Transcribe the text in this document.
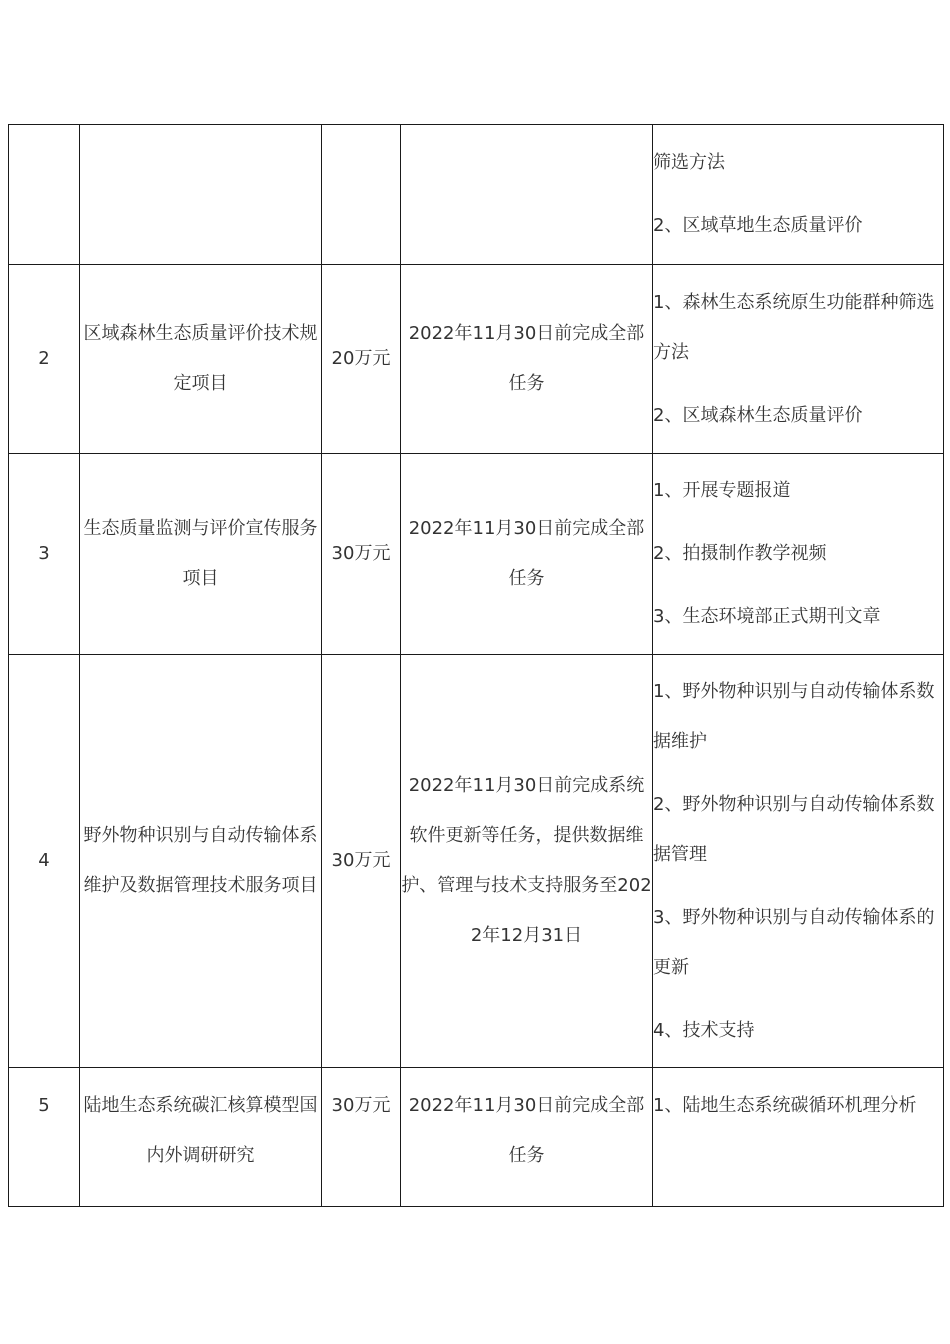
				筛选方法
2、区域草地生态质量评价

2	区域森林生态质量评价技术规定项目	20万元	2022年11月30日前完成全部任务	1、森林生态系统原生功能群种筛选方法
2、区域森林生态质量评价

3	生态质量监测与评价宣传服务项目	30万元	2022年11月30日前完成全部任务	1、开展专题报道
2、拍摄制作教学视频
3、生态环境部正式期刊文章

4	野外物种识别与自动传输体系维护及数据管理技术服务项目	30万元	2022年11月30日前完成系统软件更新等任务，提供数据维护、管理与技术支持服务至2022年12月31日	1、野外物种识别与自动传输体系数据维护
2、野外物种识别与自动传输体系数据管理
3、野外物种识别与自动传输体系的更新
4、技术支持

5	陆地生态系统碳汇核算模型国内外调研研究	30万元	2022年11月30日前完成全部任务	1、陆地生态系统碳循环机理分析
